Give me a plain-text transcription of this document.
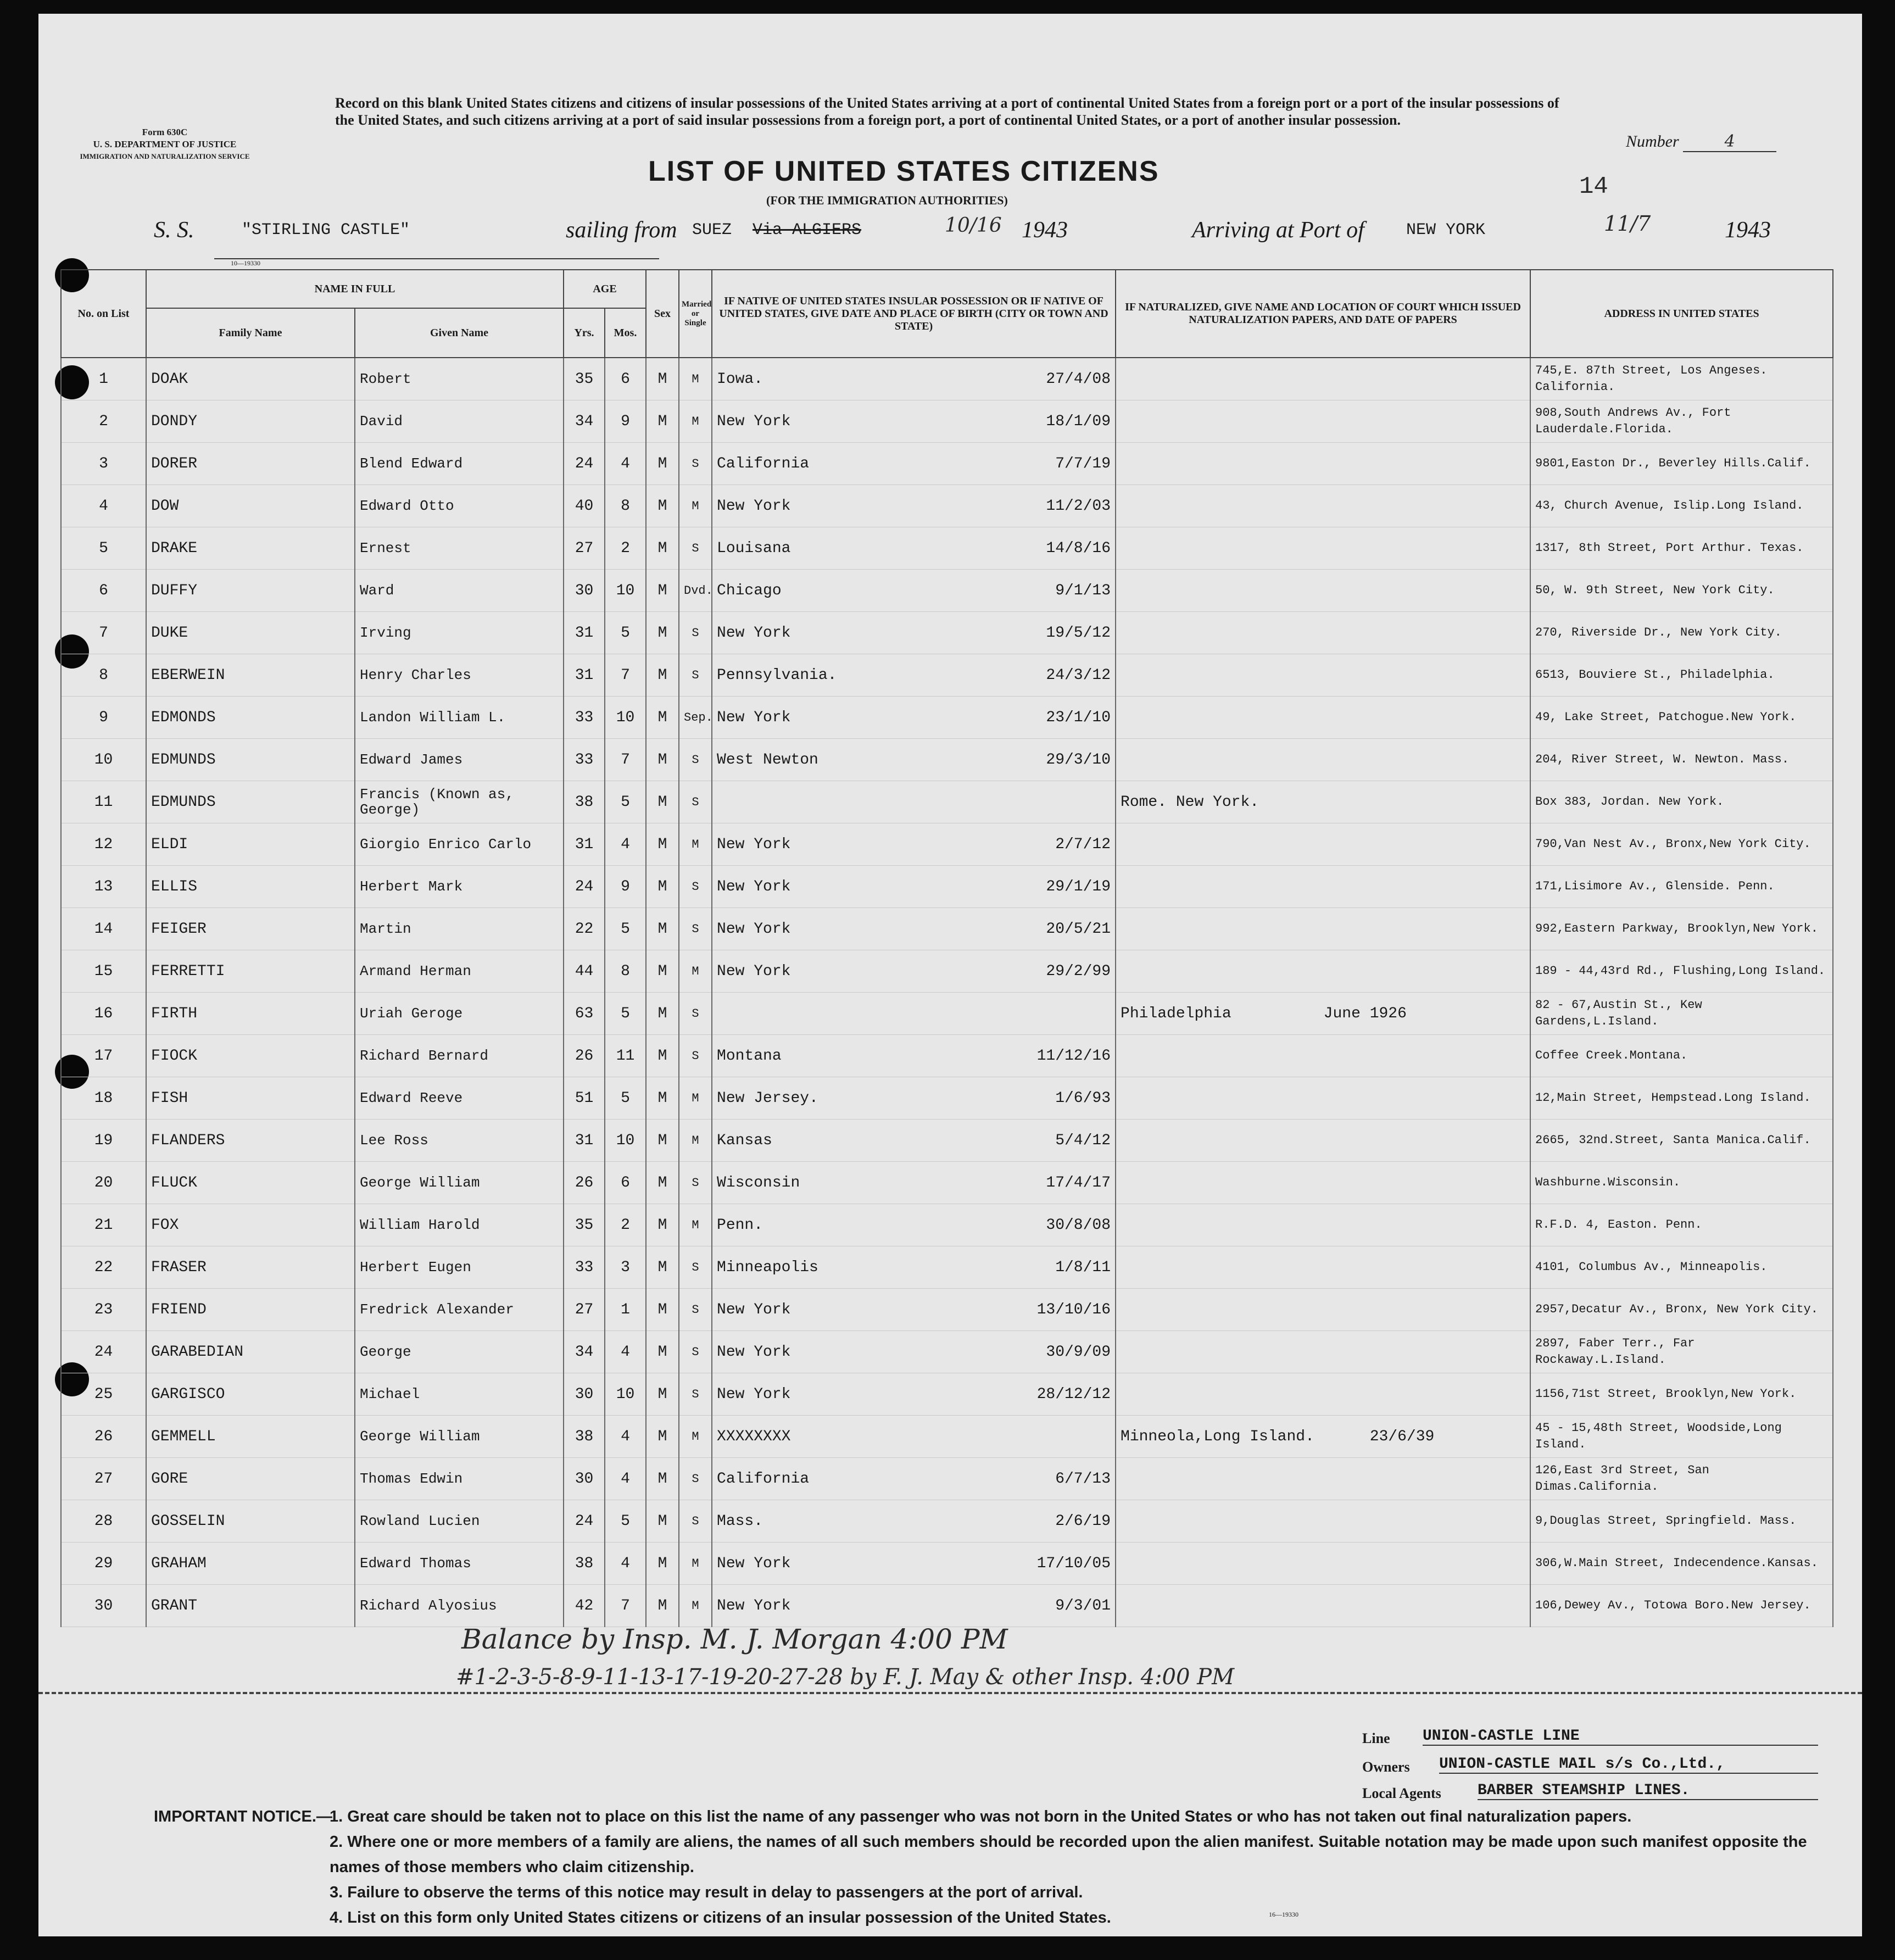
Form 630C
U. S. DEPARTMENT OF JUSTICE
IMMIGRATION AND NATURALIZATION SERVICE
Record on this blank United States citizens and citizens of insular possessions of the United States arriving at a port of continental United States from a foreign port or a port of the insular possessions of the United States, and such citizens arriving at a port of said insular possessions from a foreign port, a port of continental United States, or a port of another insular possession.
Number	4
14
LIST OF UNITED STATES CITIZENS
(FOR THE IMMIGRATION AUTHORITIES)
S. S.	"STIRLING CASTLE"
10—19330
sailing from SUEZ Via ALGIERS	10/16 1943	Arriving at Port of	NEW YORK	11/7	1943
No. on List	NAME IN FULL		AGE		Sex	Married or Single	IF NATIVE OF UNITED STATES INSULAR POSSESSION OR IF NATIVE OF UNITED STATES, GIVE DATE AND PLACE OF BIRTH (CITY OR TOWN AND STATE)	IF NATURALIZED, GIVE NAME AND LOCATION OF COURT WHICH ISSUED NATURALIZATION PAPERS, AND DATE OF PAPERS	ADDRESS IN UNITED STATES
	Family Name	Given Name	Yrs.	Mos.					
1	DOAK	Robert	35	6	M	M	Iowa. 27/4/08		745,E. 87th Street, Los Angeses. California.
2	DONDY	David	34	9	M	M	New York 18/1/09		908,South Andrews Av., Fort Lauderdale.Florida.
3	DORER	Blend Edward	24	4	M	S	California 7/7/19		9801,Easton Dr., Beverley Hills.Calif.
4	DOW	Edward Otto	40	8	M	M	New York 11/2/03		43, Church Avenue, Islip.Long Island.
5	DRAKE	Ernest	27	2	M	S	Louisana 14/8/16		1317, 8th Street, Port Arthur. Texas.
6	DUFFY	Ward	30	10	M	Dvd.	Chicago 9/1/13		50, W. 9th Street, New York City.
7	DUKE	Irving	31	5	M	S	New York 19/5/12		270, Riverside Dr., New York City.
8	EBERWEIN	Henry Charles	31	7	M	S	Pennsylvania. 24/3/12		6513, Bouviere St., Philadelphia.
9	EDMONDS	Landon William L.	33	10	M	Sep.	New York 23/1/10		49, Lake Street, Patchogue.New York.
10	EDMUNDS	Edward James	33	7	M	S	West Newton 29/3/10		204, River Street, W. Newton. Mass.
11	EDMUNDS	Francis (Known as, George)	38	5	M	S		Rome. New York.	Box 383, Jordan. New York.
12	ELDI	Giorgio Enrico Carlo	31	4	M	M	New York 2/7/12		790,Van Nest Av., Bronx,New York City.
13	ELLIS	Herbert Mark	24	9	M	S	New York 29/1/19		171,Lisimore Av., Glenside. Penn.
14	FEIGER	Martin	22	5	M	S	New York 20/5/21		992,Eastern Parkway, Brooklyn,New York.
15	FERRETTI	Armand Herman	44	8	M	M	New York 29/2/99		189 - 44,43rd Rd., Flushing,Long Island.
16	FIRTH	Uriah Geroge	63	5	M	S		Philadelphia          June 1926	82 - 67,Austin St., Kew Gardens,L.Island.
17	FIOCK	Richard Bernard	26	11	M	S	Montana 11/12/16		Coffee Creek.Montana.
18	FISH	Edward Reeve	51	5	M	M	New Jersey. 1/6/93		12,Main Street, Hempstead.Long Island.
19	FLANDERS	Lee Ross	31	10	M	M	Kansas 5/4/12		2665, 32nd.Street, Santa Manica.Calif.
20	FLUCK	George William	26	6	M	S	Wisconsin 17/4/17		Washburne.Wisconsin.
21	FOX	William Harold	35	2	M	M	Penn. 30/8/08		R.F.D. 4, Easton. Penn.
22	FRASER	Herbert Eugen	33	3	M	S	Minneapolis 1/8/11		4101, Columbus Av., Minneapolis.
23	FRIEND	Fredrick Alexander	27	1	M	S	New York 13/10/16		2957,Decatur Av., Bronx, New York City.
24	GARABEDIAN	George	34	4	M	S	New York 30/9/09		2897, Faber Terr., Far Rockaway.L.Island.
25	GARGISCO	Michael	30	10	M	S	New York 28/12/12		1156,71st Street, Brooklyn,New York.
26	GEMMELL	George William	38	4	M	M	XXXXXXXX	Minneola,Long Island.      23/6/39	45 - 15,48th Street, Woodside,Long Island.
27	GORE	Thomas Edwin	30	4	M	S	California 6/7/13		126,East 3rd Street, San Dimas.California.
28	GOSSELIN	Rowland Lucien	24	5	M	S	Mass. 2/6/19		9,Douglas Street, Springfield. Mass.
29	GRAHAM	Edward Thomas	38	4	M	M	New York 17/10/05		306,W.Main Street, Indecendence.Kansas.
30	GRANT	Richard Alyosius	42	7	M	M	New York 9/3/01		106,Dewey Av., Totowa Boro.New Jersey.
Balance by Insp. M. J. Morgan 4:00 PM
#1-2-3-5-8-9-11-13-17-19-20-27-28 by F. J. May & other Insp. 4:00 PM
Line UNION-CASTLE LINE
Owners UNION-CASTLE MAIL s/s Co.,Ltd.,
Local Agents BARBER STEAMSHIP LINES.
IMPORTANT NOTICE.—
1. Great care should be taken not to place on this list the name of any passenger who was not born in the United States or who has not taken out final naturalization papers.
2. Where one or more members of a family are aliens, the names of all such members should be recorded upon the alien manifest. Suitable notation may be made upon such manifest opposite the names of those members who claim citizenship.
3. Failure to observe the terms of this notice may result in delay to passengers at the port of arrival.
4. List on this form only United States citizens or citizens of an insular possession of the United States.	16—19330
